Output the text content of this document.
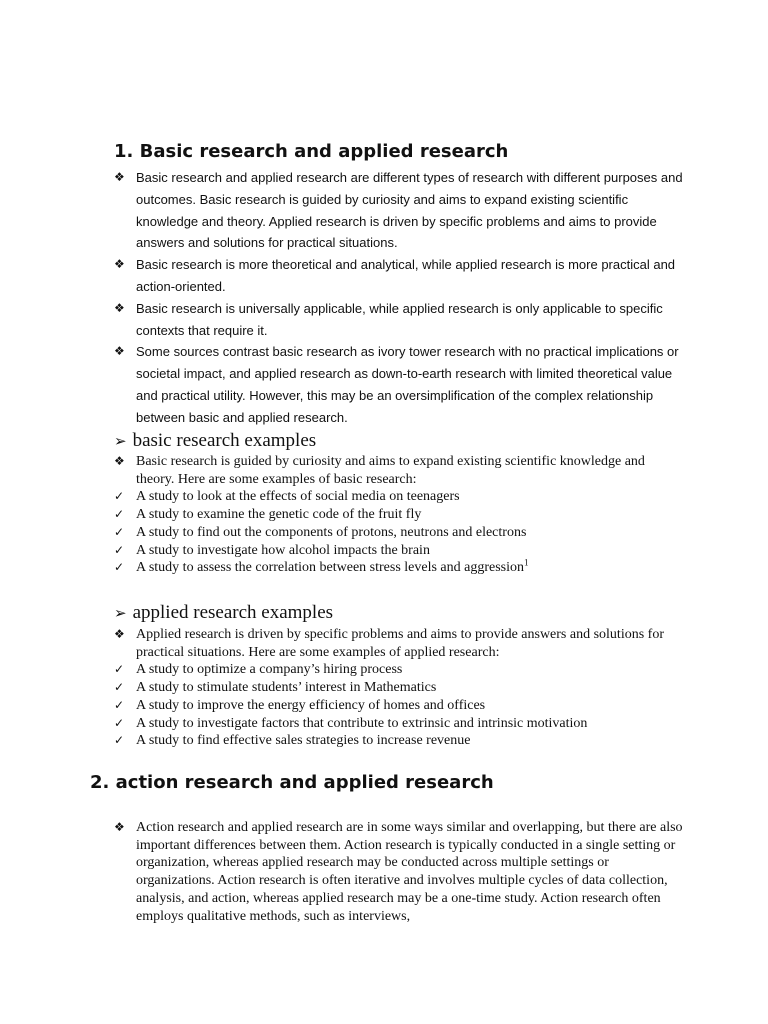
1. Basic research and applied research
❖ Basic research and applied research are different types of research with different purposes and outcomes. Basic research is guided by curiosity and aims to expand existing scientific knowledge and theory. Applied research is driven by specific problems and aims to provide answers and solutions for practical situations.
❖ Basic research is more theoretical and analytical, while applied research is more practical and action-oriented.
❖ Basic research is universally applicable, while applied research is only applicable to specific contexts that require it.
❖ Some sources contrast basic research as ivory tower research with no practical implications or societal impact, and applied research as down-to-earth research with limited theoretical value and practical utility. However, this may be an oversimplification of the complex relationship between basic and applied research.
➢ basic research examples
❖ Basic research is guided by curiosity and aims to expand existing scientific knowledge and theory. Here are some examples of basic research:
✓ A study to look at the effects of social media on teenagers
✓ A study to examine the genetic code of the fruit fly
✓ A study to find out the components of protons, neutrons and electrons
✓ A study to investigate how alcohol impacts the brain
✓ A study to assess the correlation between stress levels and aggression$^1$
➢ applied research examples
❖ Applied research is driven by specific problems and aims to provide answers and solutions for practical situations. Here are some examples of applied research:
✓ A study to optimize a company’s hiring process
✓ A study to stimulate students’ interest in Mathematics
✓ A study to improve the energy efficiency of homes and offices
✓ A study to investigate factors that contribute to extrinsic and intrinsic motivation
✓ A study to find effective sales strategies to increase revenue
2. action research and applied research
❖ Action research and applied research are in some ways similar and overlapping, but there are also important differences between them. Action research is typically conducted in a single setting or organization, whereas applied research may be conducted across multiple settings or organizations. Action research is often iterative and involves multiple cycles of data collection, analysis, and action, whereas applied research may be a one-time study. Action research often employs qualitative methods, such as interviews,
